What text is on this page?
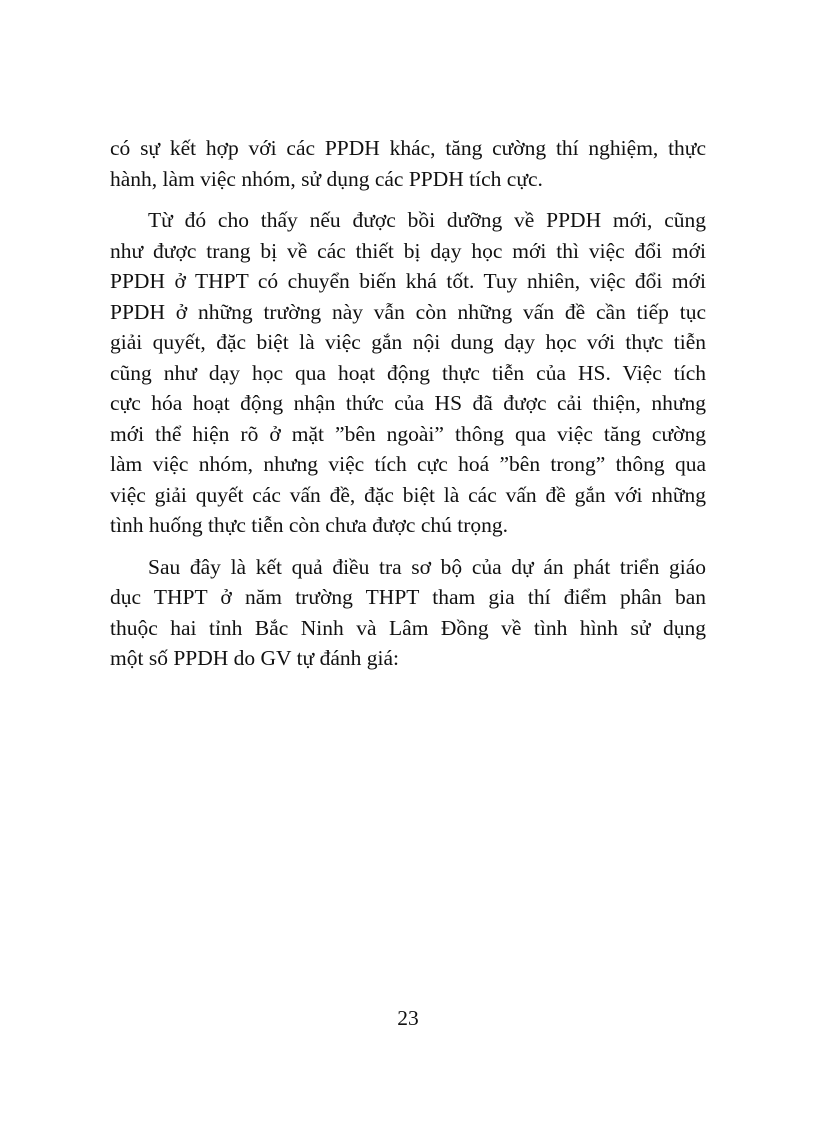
có sự kết hợp với các PPDH khác, tăng cường thí nghiệm, thực
hành, làm việc nhóm, sử dụng các PPDH tích cực.
Từ đó cho thấy nếu được bồi dưỡng về PPDH mới, cũng
như được trang bị về các thiết bị dạy học mới thì việc đổi mới
PPDH ở THPT có chuyển biến khá tốt. Tuy nhiên, việc đổi mới
PPDH ở những trường này vẫn còn những vấn đề cần tiếp tục
giải quyết, đặc biệt là việc gắn nội dung dạy học với thực tiễn
cũng như dạy học qua hoạt động thực tiễn của HS. Việc tích
cực hóa hoạt động nhận thức của HS đã được cải thiện, nhưng
mới thể hiện rõ ở mặt ”bên ngoài” thông qua việc tăng cường
làm việc nhóm, nhưng việc tích cực hoá ”bên trong” thông qua
việc giải quyết các vấn đề, đặc biệt là các vấn đề gắn với những
tình huống thực tiễn còn chưa được chú trọng.
Sau đây là kết quả điều tra sơ bộ của dự án phát triển giáo
dục THPT ở năm trường THPT tham gia thí điểm phân ban
thuộc hai tỉnh Bắc Ninh và Lâm Đồng về tình hình sử dụng
một số PPDH do GV tự đánh giá:
23
